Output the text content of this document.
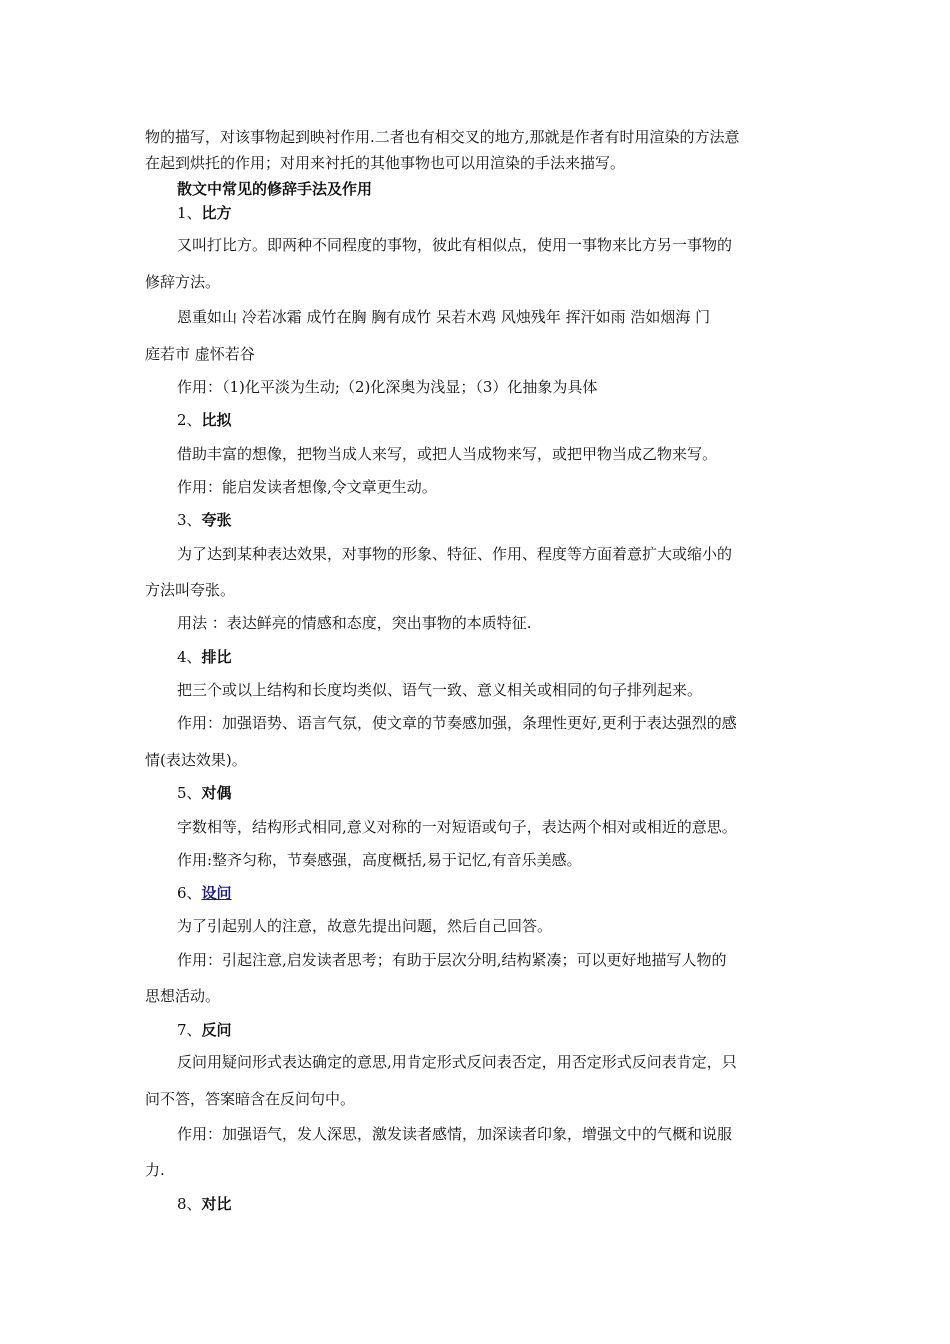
物的描写，对该事物起到映衬作用.二者也有相交叉的地方,那就是作者有时用渲染的方法意
在起到烘托的作用；对用来衬托的其他事物也可以用渲染的手法来描写。
散文中常见的修辞手法及作用
1、比方
又叫打比方。即两种不同程度的事物，彼此有相似点，使用一事物来比方另一事物的
修辞方法。
恩重如山 冷若冰霜 成竹在胸 胸有成竹 呆若木鸡 风烛残年 挥汗如雨 浩如烟海 门
庭若市 虚怀若谷
作用：（1)化平淡为生动;（2)化深奥为浅显；（3）化抽象为具体
2、比拟
借助丰富的想像，把物当成人来写，或把人当成物来写，或把甲物当成乙物来写。
作用：能启发读者想像,令文章更生动。
3、夸张
为了达到某种表达效果，对事物的形象、特征、作用、程度等方面着意扩大或缩小的
方法叫夸张。
用法 ：表达鲜亮的情感和态度，突出事物的本质特征.
4、排比
把三个或以上结构和长度均类似、语气一致、意义相关或相同的句子排列起来。
作用：加强语势、语言气氛，使文章的节奏感加强，条理性更好,更利于表达强烈的感
情(表达效果)。
5、对偶
字数相等，结构形式相同,意义对称的一对短语或句子，表达两个相对或相近的意思。
作用:整齐匀称，节奏感强，高度概括,易于记忆,有音乐美感。
6、设问
为了引起别人的注意，故意先提出问题，然后自己回答。
作用：引起注意,启发读者思考；有助于层次分明,结构紧凑；可以更好地描写人物的
思想活动。
7、反问
反问用疑问形式表达确定的意思,用肯定形式反问表否定，用否定形式反问表肯定，只
问不答，答案暗含在反问句中。
作用：加强语气，发人深思，激发读者感情，加深读者印象，增强文中的气概和说服
力.
8、对比
